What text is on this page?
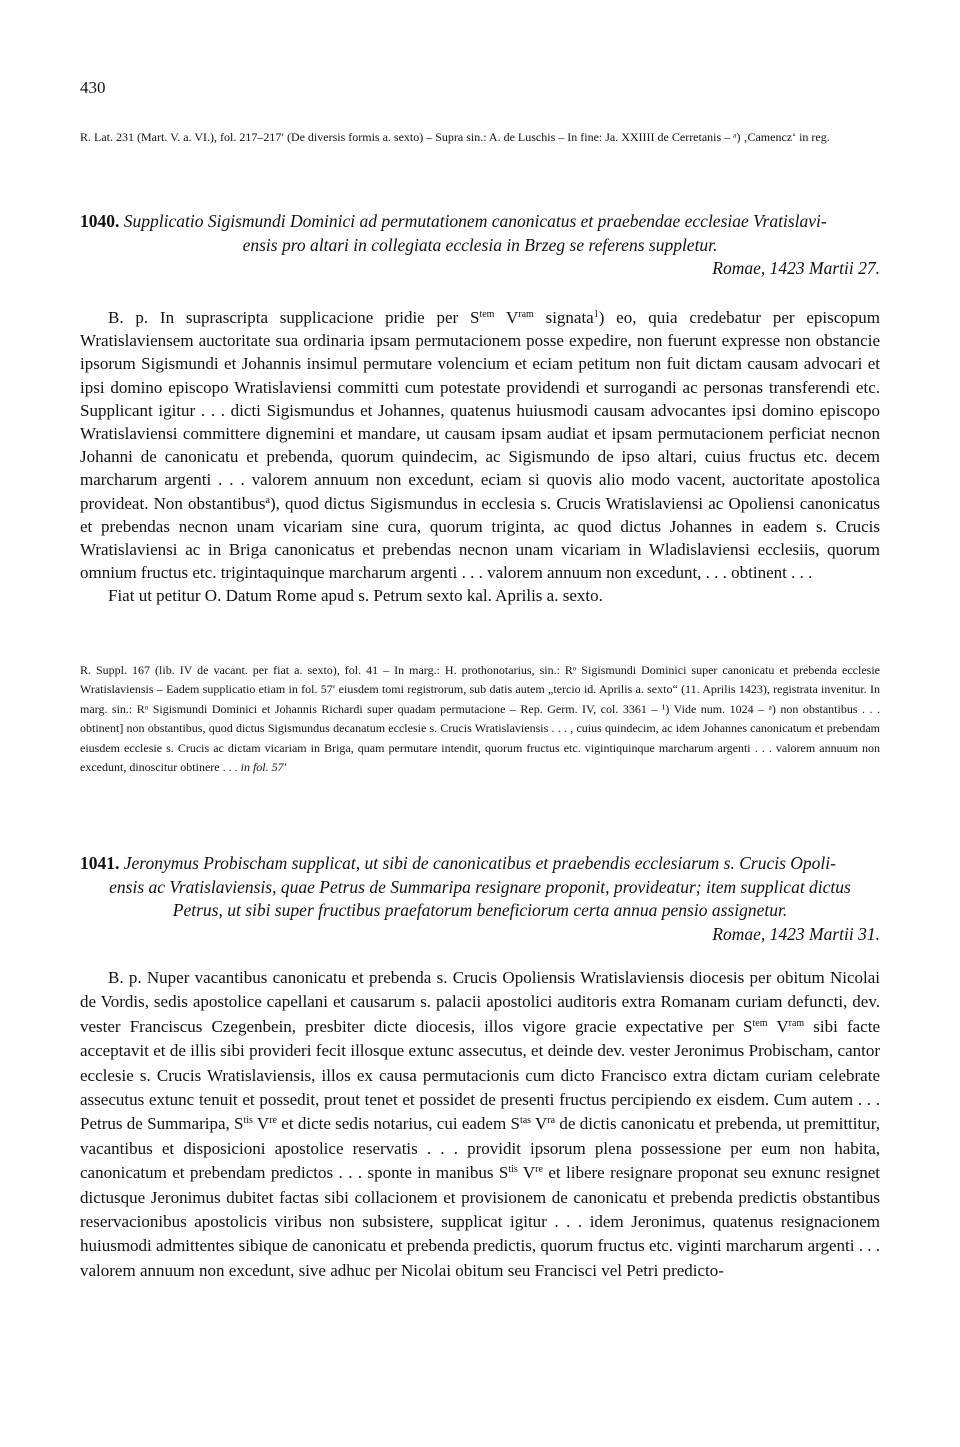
430
R. Lat. 231 (Mart. V. a. VI.), fol. 217–217′ (De diversis formis a. sexto) – Supra sin.: A. de Luschis – In fine: Ja. XXIIII de Cerretanis – ᵃ) ‚Camencz‘ in reg.
1040. Supplicatio Sigismundi Dominici ad permutationem canonicatus et praebendae ecclesiae Vratislavi-
ensis pro altari in collegiata ecclesia in Brzeg se referens suppletur.
Romae, 1423 Martii 27.

B. p. In suprascripta supplicacione pridie per $S^{tem}$ $V^{ram}$ signata$^1$) eo, quia credebatur per episcopum Wratislaviensem auctoritate sua ordinaria ipsam permutacionem posse expedire, non fuerunt expresse non obstancie ipsorum Sigismundi et Johannis insimul permutare volencium et eciam petitum non fuit dictam causam advocari et ipsi domino episcopo Wratislaviensi committi cum potestate providendi et surrogandi ac personas transferendi etc. Supplicant igitur . . . dicti Sigismundus et Johannes, quatenus huiusmodi causam advocantes ipsi domino episcopo Wratislaviensi committere dignemini et mandare, ut causam ipsam audiat et ipsam permutacionem perficiat necnon Johanni de canonicatu et prebenda, quorum quindecim, ac Sigismundo de ipso altari, cuius fructus etc. decem marcharum argenti . . . valorem annuum non excedunt, eciam si quovis alio modo vacent, auctoritate apostolica provideat. Non obstantibus$^a$), quod dictus Sigismundus in ecclesia s. Crucis Wratislaviensi ac Opoliensi canonicatus et prebendas necnon unam vicariam sine cura, quorum triginta, ac quod dictus Johannes in eadem s. Crucis Wratislaviensi ac in Briga canonicatus et prebendas necnon unam vicariam in Wladislaviensi ecclesiis, quorum omnium fructus etc. trigintaquinque marcharum argenti . . . valorem annuum non excedunt, . . . obtinent . . .

Fiat ut petitur O. Datum Rome apud s. Petrum sexto kal. Aprilis a. sexto.

R. Suppl. 167 (lib. IV de vacant. per fiat a. sexto), fol. 41 – In marg.: H. prothonotarius, sin.: Rᵒ Sigismundi Dominici super canonicatu et prebenda ecclesie Wratislaviensis – Eadem supplicatio etiam in fol. 57′ eiusdem tomi registrorum, sub datis autem „tercio id. Aprilis a. sexto“ (11. Aprilis 1423), registrata invenitur. In marg. sin.: Rᵒ Sigismundi Dominici et Johannis Richardi super quadam permutacione – Rep. Germ. IV, col. 3361 – ¹) Vide num. 1024 – ᵃ) non obstantibus . . . obtinent] non obstantibus, quod dictus Sigismundus decanatum ecclesie s. Crucis Wratislaviensis . . . , cuius quindecim, ac idem Johannes canonicatum et prebendam eiusdem ecclesie s. Crucis ac dictam vicariam in Briga, quam permutare intendit, quorum fructus etc. vigintiquinque marcharum argenti . . . valorem annuum non excedunt, dinoscitur obtinere . . . in fol. 57′
1041. Jeronymus Probischam supplicat, ut sibi de canonicatibus et praebendis ecclesiarum s. Crucis Opoli-
ensis ac Vratislaviensis, quae Petrus de Summaripa resignare proponit, provideatur; item supplicat dictus
Petrus, ut sibi super fructibus praefatorum beneficiorum certa annua pensio assignetur.
Romae, 1423 Martii 31.

B. p. Nuper vacantibus canonicatu et prebenda s. Crucis Opoliensis Wratislaviensis diocesis per obitum Nicolai de Vordis, sedis apostolice capellani et causarum s. palacii apostolici auditoris extra Romanam curiam defuncti, dev. vester Franciscus Czegenbein, presbiter dicte diocesis, illos vigore gracie expectative per $S^{tem}$ $V^{ram}$ sibi facte acceptavit et de illis sibi provideri fecit illosque extunc assecutus, et deinde dev. vester Jeronimus Probischam, cantor ecclesie s. Crucis Wratislaviensis, illos ex causa permutacionis cum dicto Francisco extra dictam curiam celebrate assecutus extunc tenuit et possedit, prout tenet et possidet de presenti fructus percipiendo ex eisdem. Cum autem . . . Petrus de Summaripa, $S^{tis}$ Vre et dicte sedis notarius, cui eadem $S^{tas}$ $V^{ra}$ de dictis canonicatu et prebenda, ut premittitur, vacantibus et disposicioni apostolice reservatis . . . providit ipsorum plena possessione per eum non habita, canonicatum et prebendam predictos . . . sponte in manibus $S^{tis}$ Vre et libere resignare proponat seu exnunc resignet dictusque Jeronimus dubitet factas sibi collacionem et provisionem de canonicatu et prebenda predictis obstantibus reservacionibus apostolicis viribus non subsistere, supplicat igitur . . . idem Jeronimus, quatenus resignacionem huiusmodi admittentes sibique de canonicatu et prebenda predictis, quorum fructus etc. viginti marcharum argenti . . . valorem annuum non excedunt, sive adhuc per Nicolai obitum seu Francisci vel Petri predicto-
